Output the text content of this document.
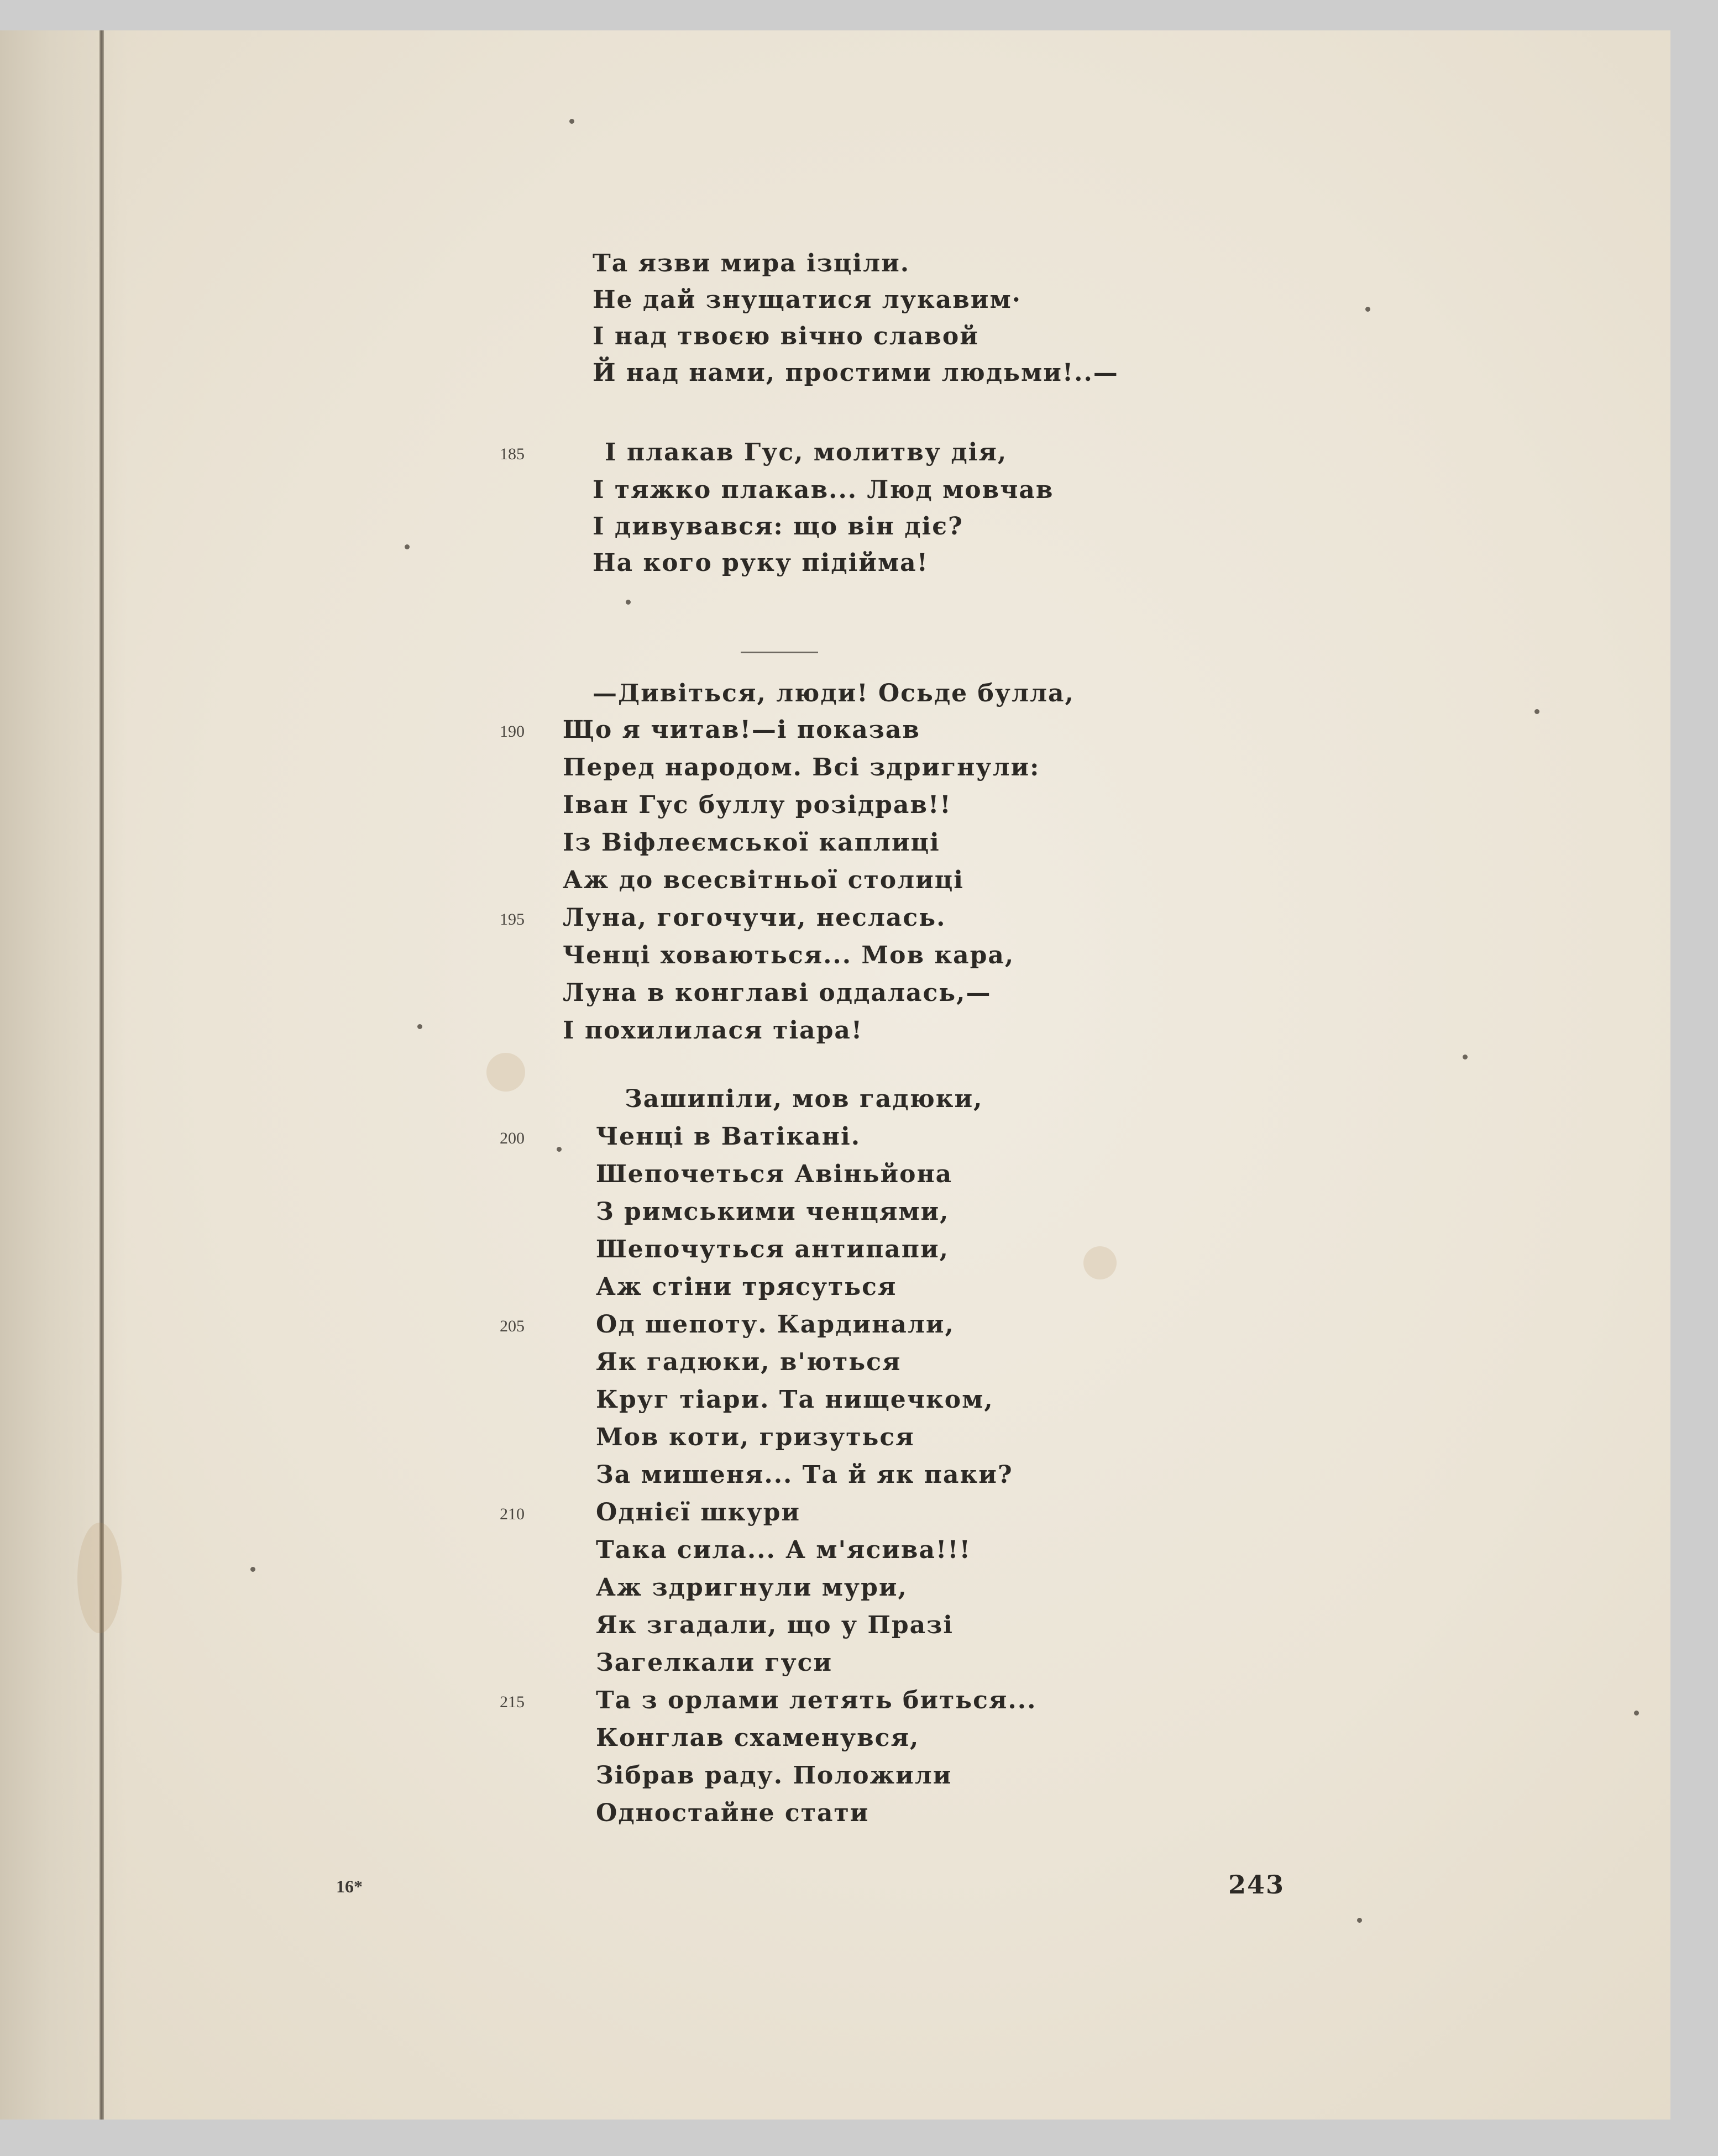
Та язви мира ізціли.
Не дай знущатися лукавим·
І над твоєю вічно славой
Й над нами, простими людьми!..—
185	І плакав Гус, молитву дія,
І тяжко плакав... Люд мовчав
І дивувався: що він діє?
На кого руку підійма!
—Дивіться, люди! Осьде булла,
190 Що я читав!—і показав
Перед народом. Всі здригнули:
Іван Гус буллу розідрав!!
Із Віфлеємської каплиці
Аж до всесвітньої столиці
195 Луна, гогочучи, неслась.
Ченці ховаються... Мов кара,
Луна в конглаві оддалась,—
І похилилася тіара!
Зашипіли, мов гадюки,
200	Ченці в Ватікані.
Шепочеться Авіньйона
З римськими ченцями,
Шепочуться антипапи,
Аж стіни трясуться
205	Од шепоту. Кардинали,
Як гадюки, в'ються
Круг тіари. Та нищечком,
Мов коти, гризуться
За мишеня... Та й як паки?
210	Однієї шкури
Така сила... А м'ясива!!!
Аж здригнули мури,
Як згадали, що у Празі
Загелкали гуси
215	Та з орлами летять биться...
Конглав схаменувся,
Зібрав раду. Положили
Одностайне стати
16*	243
